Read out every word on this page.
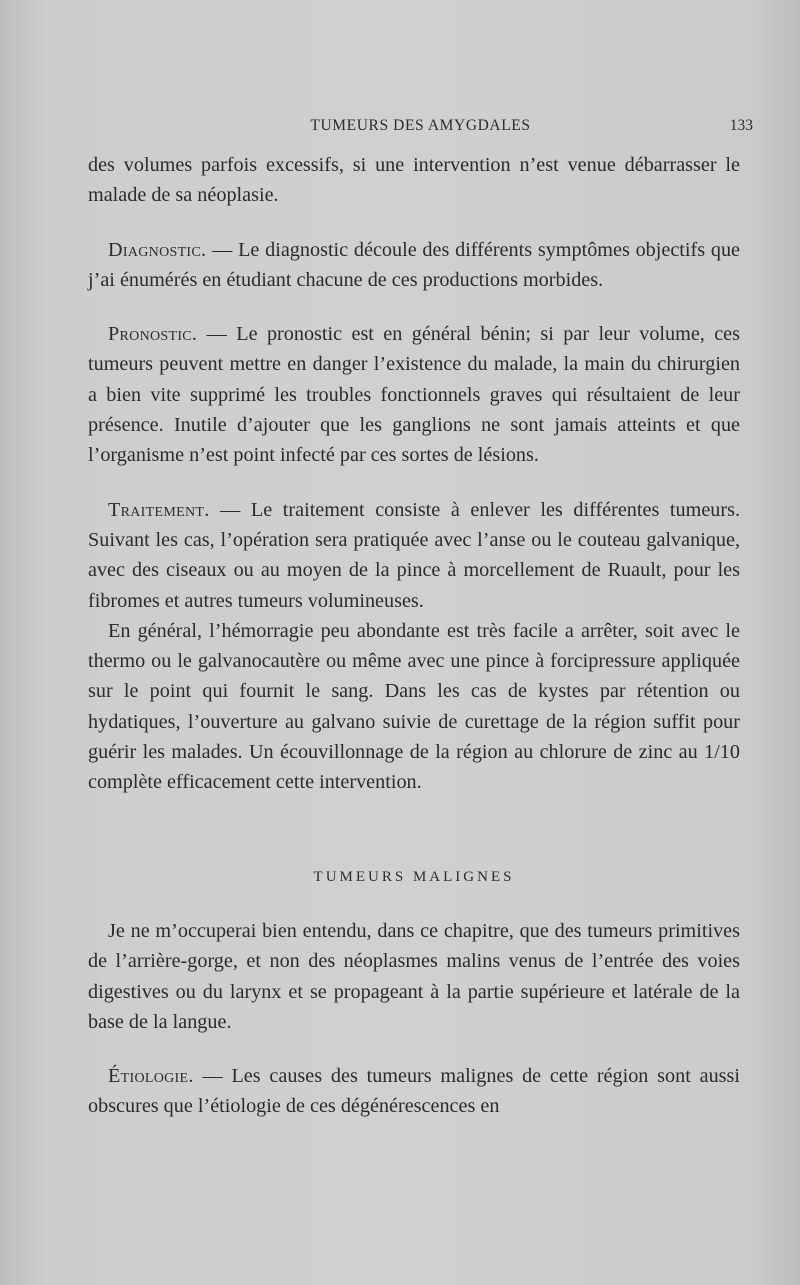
TUMEURS DES AMYGDALES	133

des volumes parfois excessifs, si une intervention n’est venue débarrasser le malade de sa néoplasie.

Diagnostic. — Le diagnostic découle des différents symptômes objectifs que j’ai énumérés en étudiant chacune de ces productions morbides.

Pronostic. — Le pronostic est en général bénin; si par leur volume, ces tumeurs peuvent mettre en danger l’existence du malade, la main du chirurgien a bien vite supprimé les troubles fonctionnels graves qui résultaient de leur présence. Inutile d’ajouter que les ganglions ne sont jamais atteints et que l’organisme n’est point infecté par ces sortes de lésions.

Traitement. — Le traitement consiste à enlever les différentes tumeurs. Suivant les cas, l’opération sera pratiquée avec l’anse ou le couteau galvanique, avec des ciseaux ou au moyen de la pince à morcellement de Ruault, pour les fibromes et autres tumeurs volumineuses.

En général, l’hémorragie peu abondante est très facile a arrêter, soit avec le thermo ou le galvanocautère ou même avec une pince à forcipressure appliquée sur le point qui fournit le sang. Dans les cas de kystes par rétention ou hydatiques, l’ouverture au galvano suivie de curettage de la région suffit pour guérir les malades. Un écouvillonnage de la région au chlorure de zinc au 1/10 complète efficacement cette intervention.

TUMEURS MALIGNES

Je ne m’occuperai bien entendu, dans ce chapitre, que des tumeurs primitives de l’arrière-gorge, et non des néoplasmes malins venus de l’entrée des voies digestives ou du larynx et se propageant à la partie supérieure et latérale de la base de la langue.

Étiologie. — Les causes des tumeurs malignes de cette région sont aussi obscures que l’étiologie de ces dégénérescences en
